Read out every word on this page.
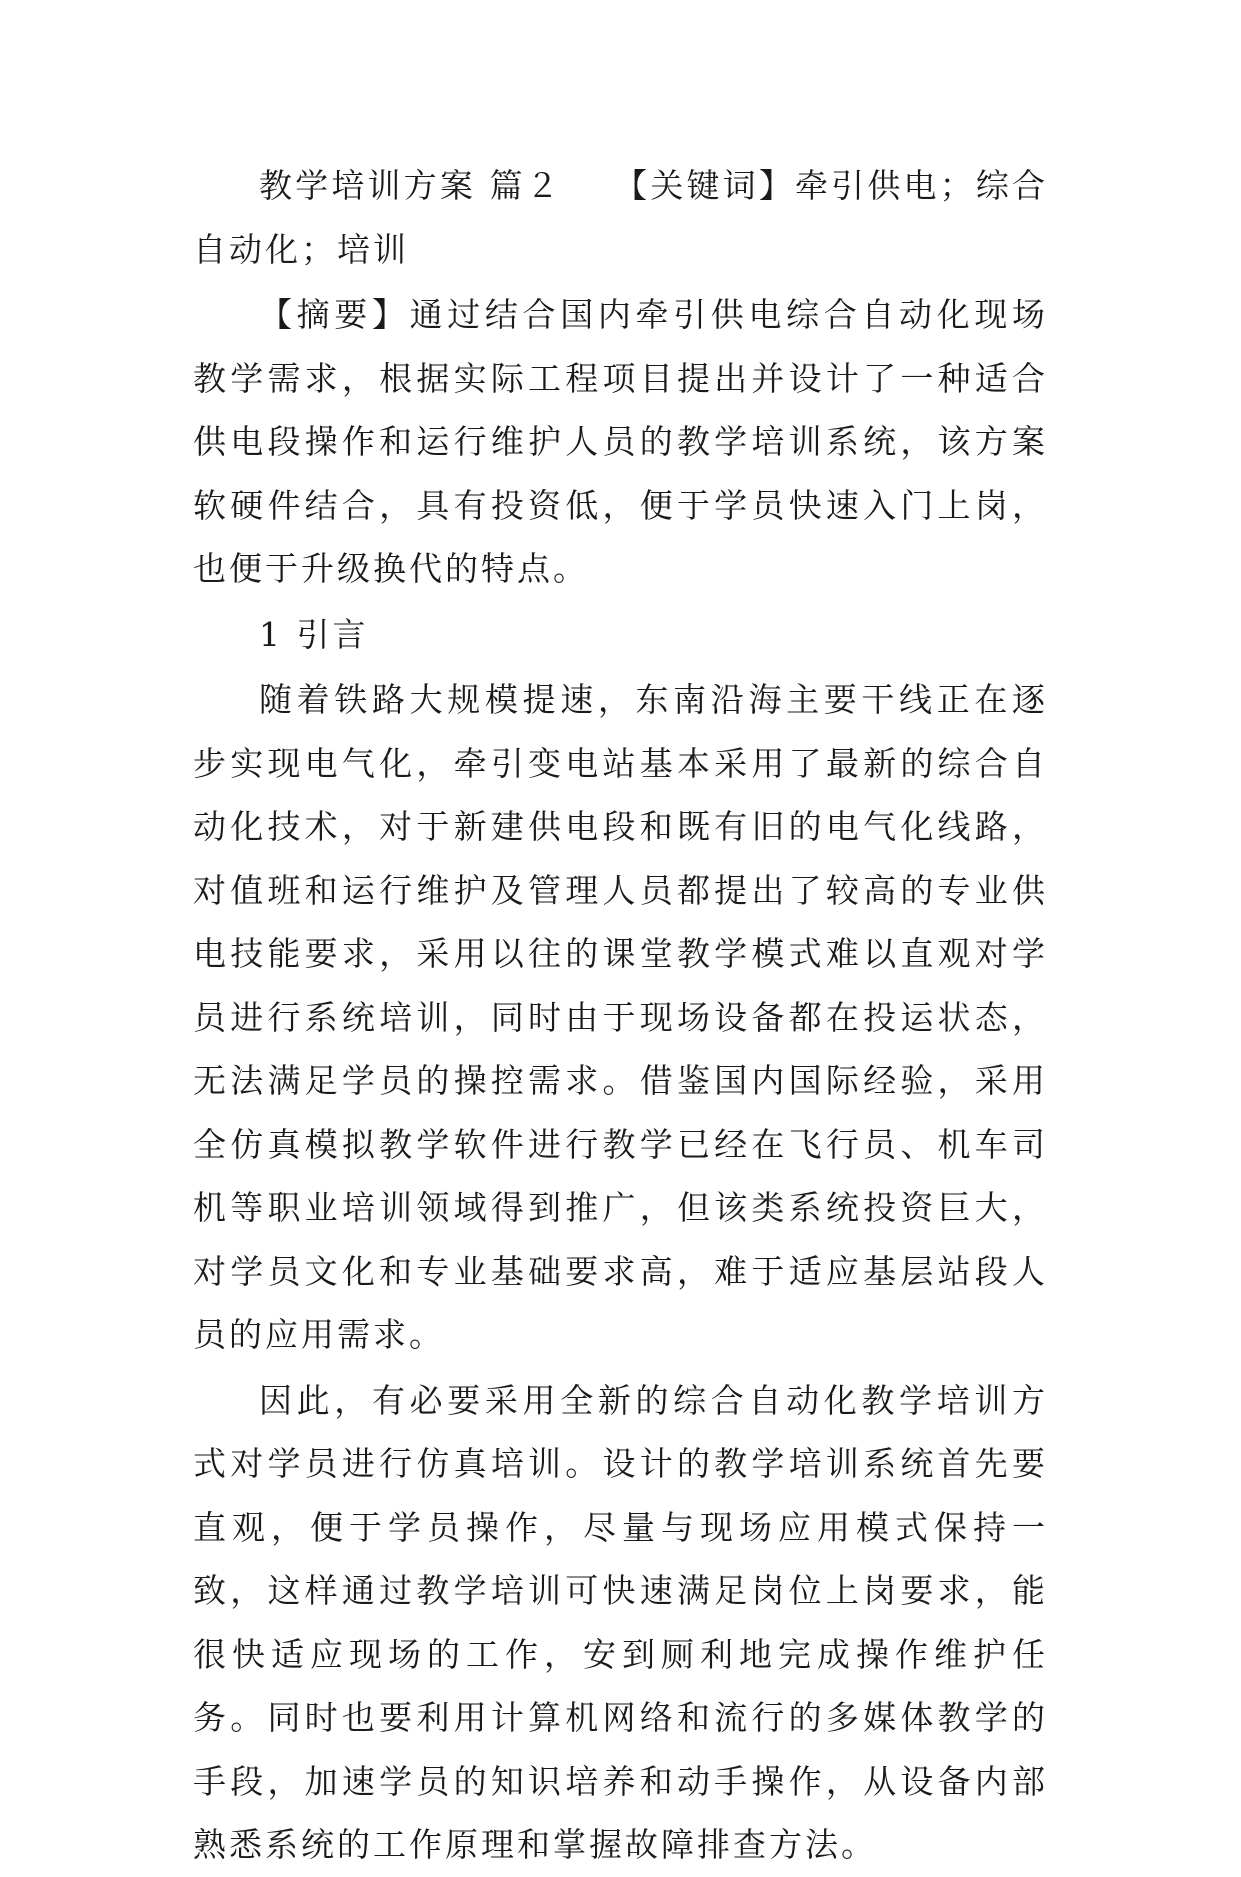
教学培训方案 篇２ 【关键词】牵引供电；综合自动化；培训

【摘要】通过结合国内牵引供电综合自动化现场教学需求，根据实际工程项目提出并设计了一种适合供电段操作和运行维护人员的教学培训系统，该方案软硬件结合，具有投资低，便于学员快速入门上岗，也便于升级换代的特点。

1 引言

随着铁路大规模提速，东南沿海主要干线正在逐步实现电气化，牵引变电站基本采用了最新的综合自动化技术，对于新建供电段和既有旧的电气化线路，对值班和运行维护及管理人员都提出了较高的专业供电技能要求，采用以往的课堂教学模式难以直观对学员进行系统培训，同时由于现场设备都在投运状态，无法满足学员的操控需求。借鉴国内国际经验，采用全仿真模拟教学软件进行教学已经在飞行员、机车司机等职业培训领域得到推广，但该类系统投资巨大，对学员文化和专业基础要求高，难于适应基层站段人员的应用需求。

因此，有必要采用全新的综合自动化教学培训方式对学员进行仿真培训。设计的教学培训系统首先要直观，便于学员操作，尽量与现场应用模式保持一致，这样通过教学培训可快速满足岗位上岗要求，能很快适应现场的工作，安到厕利地完成操作维护任务。同时也要利用计算机网络和流行的多媒体教学的手段，加速学员的知识培养和动手操作，从设备内部熟悉系统的工作原理和掌握故障排查方法。
